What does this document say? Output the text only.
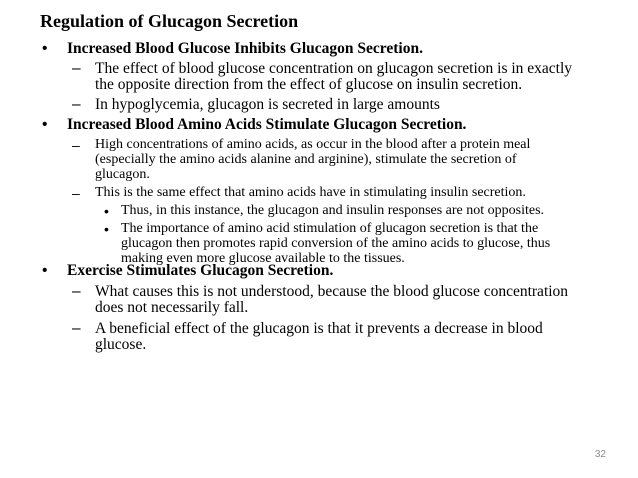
Regulation of Glucagon Secretion
• Increased Blood Glucose Inhibits Glucagon Secretion.
– The effect of blood glucose concentration on glucagon secretion is in exactly
the opposite direction from the effect of glucose on insulin secretion.
– In hypoglycemia, glucagon is secreted in large amounts
• Increased Blood Amino Acids Stimulate Glucagon Secretion.
– High concentrations of amino acids, as occur in the blood after a protein meal
(especially the amino acids alanine and arginine), stimulate the secretion of
glucagon.
– This is the same effect that amino acids have in stimulating insulin secretion.
• Thus, in this instance, the glucagon and insulin responses are not opposites.
• The importance of amino acid stimulation of glucagon secretion is that the
glucagon then promotes rapid conversion of the amino acids to glucose, thus
making even more glucose available to the tissues.
• Exercise Stimulates Glucagon Secretion.
– What causes this is not understood, because the blood glucose concentration
does not necessarily fall.
– A beneficial effect of the glucagon is that it prevents a decrease in blood
glucose.
32
